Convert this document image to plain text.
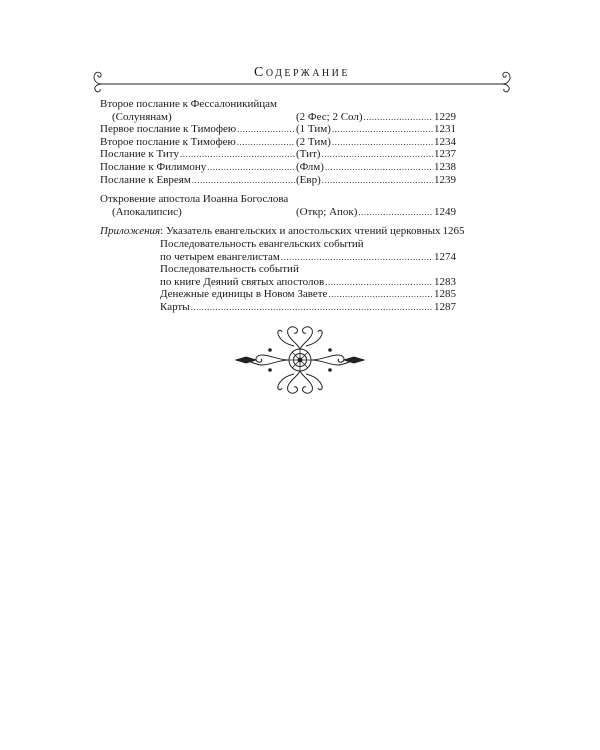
Содержание
Второе послание к Фессалоникийцам
(Солунянам)	(2 Фес; 2 Сол) .....	1229
Первое послание к Тимофею .....	(1 Тим) .....	1231
Второе послание к Тимофею .....	(2 Тим) .....	1234
Послание к Титу .....	(Тит) .....	1237
Послание к Филимону .....	(Флм) .....	1238
Послание к Евреям .....	(Евр) .....	1239
Откровение апостола Иоанна Богослова
(Апокалипсис)	(Откр; Апок) .....	1249
Приложения: Указатель евангельских и апостольских чтений церковных 1265
Последовательность евангельских событий
по четырем евангелистам .....	1274
Последовательность событий
по книге Деяний святых апостолов .....	1283
Денежные единицы в Новом Завете .....	1285
Карты .....	1287
